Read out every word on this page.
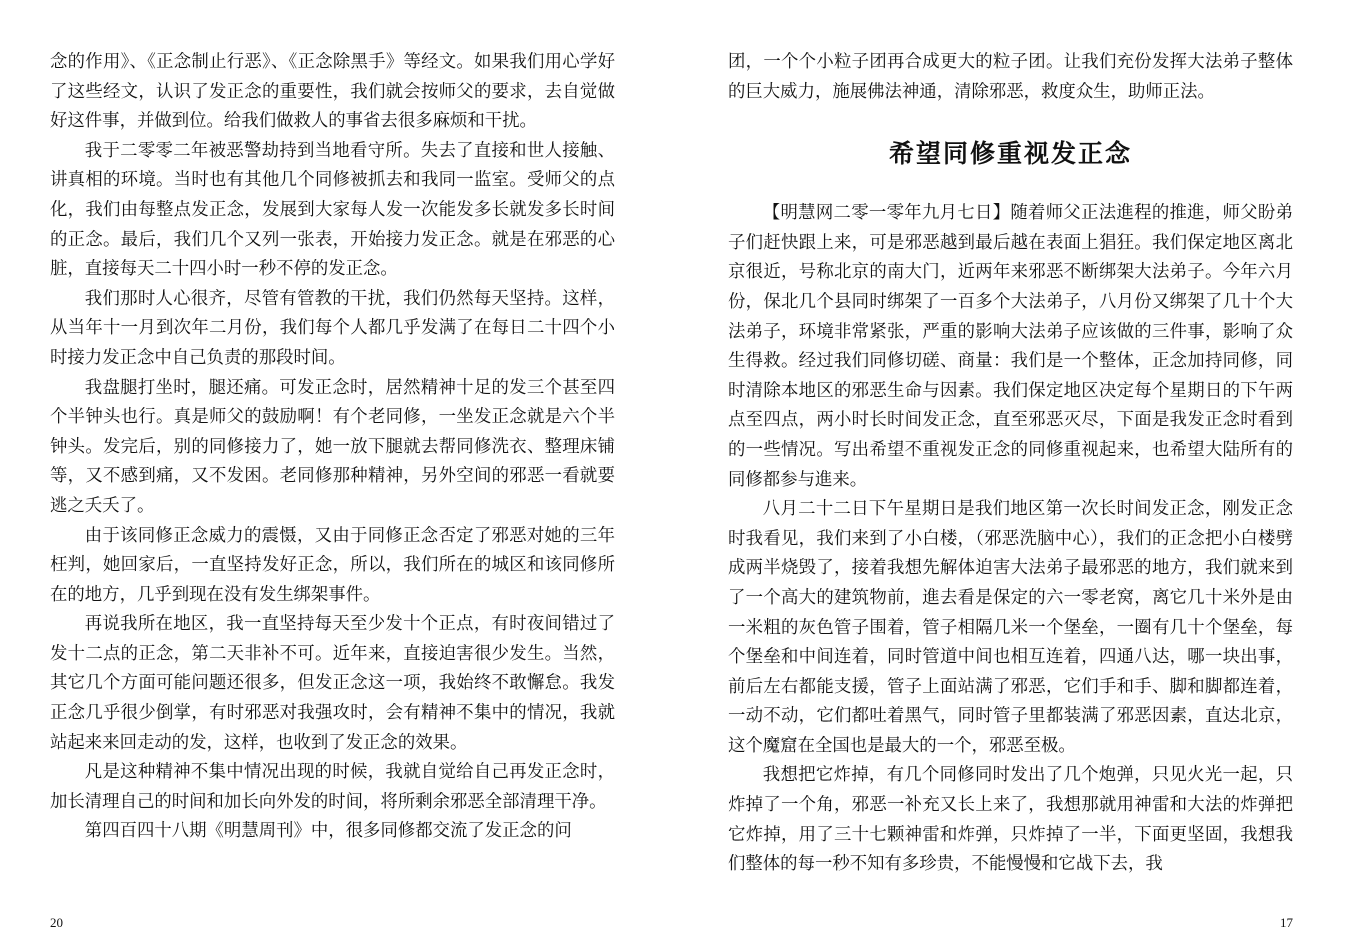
念的作用》、《正念制止行恶》、《正念除黑手》等经文。如果我们用心学好了这些经文，认识了发正念的重要性，我们就会按师父的要求，去自觉做好这件事，并做到位。给我们做救人的事省去很多麻烦和干扰。

我于二零零二年被恶警劫持到当地看守所。失去了直接和世人接触、讲真相的环境。当时也有其他几个同修被抓去和我同一监室。受师父的点化，我们由每整点发正念，发展到大家每人发一次能发多长就发多长时间的正念。最后，我们几个又列一张表，开始接力发正念。就是在邪恶的心脏，直接每天二十四小时一秒不停的发正念。

我们那时人心很齐，尽管有管教的干扰，我们仍然每天坚持。这样，从当年十一月到次年二月份，我们每个人都几乎发满了在每日二十四个小时接力发正念中自己负责的那段时间。

我盘腿打坐时，腿还痛。可发正念时，居然精神十足的发三个甚至四个半钟头也行。真是师父的鼓励啊！有个老同修，一坐发正念就是六个半钟头。发完后，别的同修接力了，她一放下腿就去帮同修洗衣、整理床铺等，又不感到痛，又不发困。老同修那种精神，另外空间的邪恶一看就要逃之夭夭了。

由于该同修正念威力的震慑，又由于同修正念否定了邪恶对她的三年枉判，她回家后，一直坚持发好正念，所以，我们所在的城区和该同修所在的地方，几乎到现在没有发生绑架事件。

再说我所在地区，我一直坚持每天至少发十个正点，有时夜间错过了发十二点的正念，第二天非补不可。近年来，直接迫害很少发生。当然，其它几个方面可能问题还很多，但发正念这一项，我始终不敢懈怠。我发正念几乎很少倒掌，有时邪恶对我强攻时，会有精神不集中的情况，我就站起来来回走动的发，这样，也收到了发正念的效果。

凡是这种精神不集中情况出现的时候，我就自觉给自己再发正念时，加长清理自己的时间和加长向外发的时间，将所剩余邪恶全部清理干净。

第四百四十八期《明慧周刊》中，很多同修都交流了发正念的问

团，一个个小粒子团再合成更大的粒子团。让我们充份发挥大法弟子整体的巨大威力，施展佛法神通，清除邪恶，救度众生，助师正法。

希望同修重视发正念

【明慧网二零一零年九月七日】随着师父正法進程的推進，师父盼弟子们赶快跟上来，可是邪恶越到最后越在表面上猖狂。我们保定地区离北京很近，号称北京的南大门，近两年来邪恶不断绑架大法弟子。今年六月份，保北几个县同时绑架了一百多个大法弟子，八月份又绑架了几十个大法弟子，环境非常紧张，严重的影响大法弟子应该做的三件事，影响了众生得救。经过我们同修切磋、商量：我们是一个整体，正念加持同修，同时清除本地区的邪恶生命与因素。我们保定地区决定每个星期日的下午两点至四点，两小时长时间发正念，直至邪恶灭尽，下面是我发正念时看到的一些情况。写出希望不重视发正念的同修重视起来，也希望大陆所有的同修都参与進来。

八月二十二日下午星期日是我们地区第一次长时间发正念，刚发正念时我看见，我们来到了小白楼，（邪恶洗脑中心），我们的正念把小白楼劈成两半烧毁了，接着我想先解体迫害大法弟子最邪恶的地方，我们就来到了一个高大的建筑物前，進去看是保定的六一零老窝，离它几十米外是由一米粗的灰色管子围着，管子相隔几米一个堡垒，一圈有几十个堡垒，每个堡垒和中间连着，同时管道中间也相互连着，四通八达，哪一块出事，前后左右都能支援，管子上面站满了邪恶，它们手和手、脚和脚都连着，一动不动，它们都吐着黑气，同时管子里都装满了邪恶因素，直达北京，这个魔窟在全国也是最大的一个，邪恶至极。

我想把它炸掉，有几个同修同时发出了几个炮弹，只见火光一起，只炸掉了一个角，邪恶一补充又长上来了，我想那就用神雷和大法的炸弹把它炸掉，用了三十七颗神雷和炸弹，只炸掉了一半，下面更坚固，我想我们整体的每一秒不知有多珍贵，不能慢慢和它战下去，我

20	17
